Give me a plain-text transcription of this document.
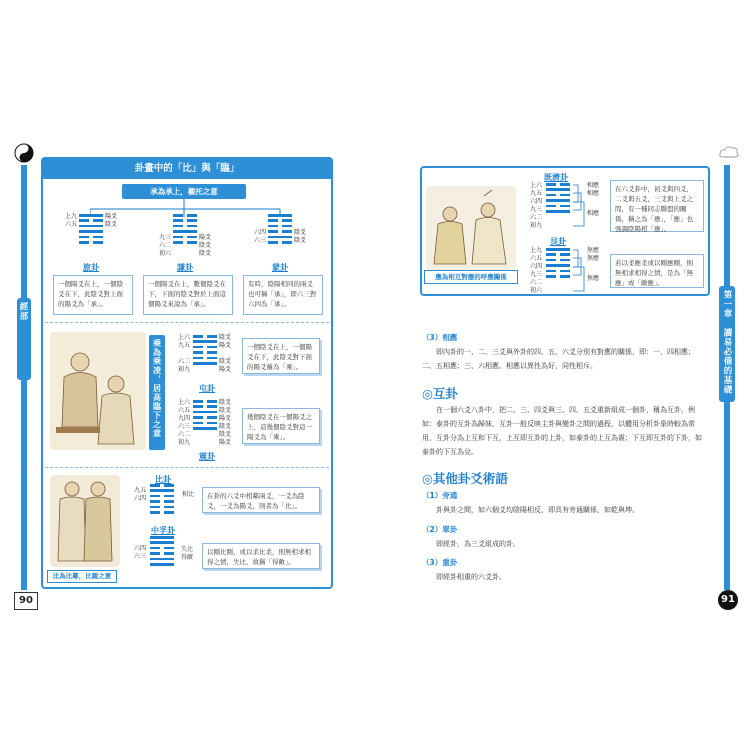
圖解易經的智慧．經部
90
卦畫中的「比」與「臨」
承為承上，襯托之意
上九
六五
陽爻
陰爻
旅卦
一個陽爻在上，一個陰爻在下，此陰爻對上面的陽爻為「承」。
九三
六二
初六
陽爻
陰爻
陰爻
謙卦
一個陽爻在上，數個陰爻在下，下面的陰爻對於上面這個陽爻來說為「承」。
六四
六三
陰爻
陰爻
蒙卦
有時，陰陽相同的兩爻也可稱「承」，即六三對六四為「承」。
乘為乘凌，居高臨下之意
上六
九五
六二
初九
陰爻
陽爻
陰爻
陽爻
屯卦
一個陰爻在上，一個陽爻在下，此陰爻對下面的陽爻稱為「乘」。
上六
六五
九四
六三
六二
初九
陰爻
陰爻
陽爻
陰爻
陰爻
陽爻
震卦
幾個陰爻在一個陽爻之上，這幾個陰爻對這一陽爻為「乘」。
比為比鄰，比親之意
比卦
九五
六四
相比	在卦的六爻中相鄰兩爻，一爻為陰爻，一爻為陽爻，則者為「比」。
中孚卦
六四
六三
失比 得敵
以剛比剛，或以柔比柔，則無相求相得之情，失比，故稱「得敵」。
第一章　讀易必備的基礎
91
應為相互對應的呼應關係
既濟卦
上六
九五
六四
九三
六二
初九
相應
相應
相應
在六爻卦中，初爻與四爻，二爻與五爻，三爻與上爻之間，有一種同志聯盟的關係，稱之為「應」，「應」也強調陰陽相「應」。
艮卦
上九
六五
六四
九三
六二
初六
無應
無應
無應
若以柔應柔或以剛應剛，則無相求相得之情，是為「無應」或「敵應」。
（3）相應
即內卦的一、二、三爻與外卦的四、五、六爻分別有對應的關係，即：一、四相應；二、五相應；三、六相應。相應以異性為好，同性相斥。
◎互卦
在一個六爻八卦中，把二、三、四爻與三、四、五爻重新組成一個卦，稱為互卦，例如：泰卦的互卦為歸妹，互卦一般反映主卦與變卦之間的過程，以體用分析卦象時較為常用，互卦分為上互和下互，上互即互卦的上卦，如泰卦的上互為震；下互即互卦的下卦，如泰卦的下互為兌。
◎其他卦爻術語
（1）旁通
卦與卦之間，如六個爻均陰陽相反，即具有旁通關係，如乾與坤。
（2）單卦
即經卦，為三爻組成的卦。
（3）重卦
即經卦相重的六爻卦。
